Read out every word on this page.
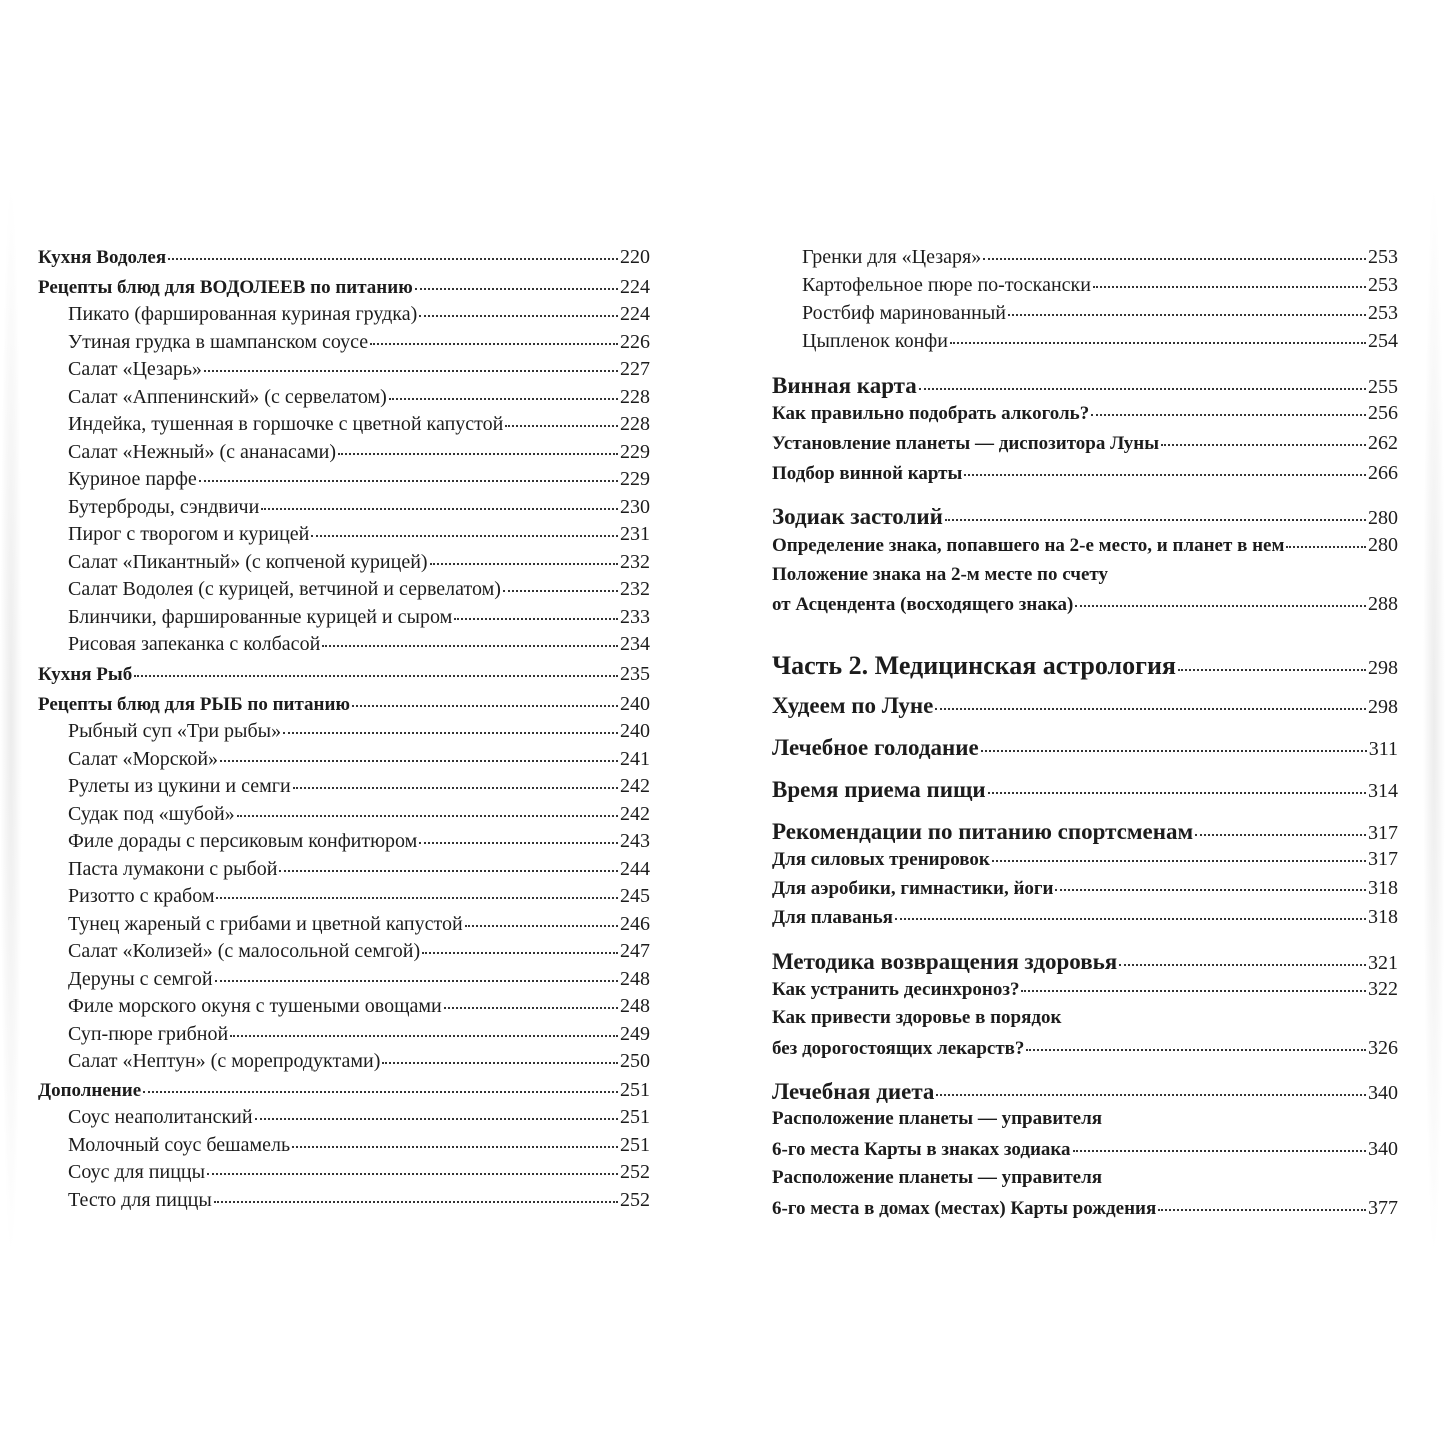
Кухня Водолея	220
Рецепты блюд для ВОДОЛЕЕВ по питанию	224
Пикато (фаршированная куриная грудка)	224
Утиная грудка в шампанском соусе	226
Салат «Цезарь»	227
Салат «Аппенинский» (с сервелатом)	228
Индейка, тушенная в горшочке с цветной капустой	228
Салат «Нежный» (с ананасами)	229
Куриное парфе	229
Бутерброды, сэндвичи	230
Пирог с творогом и курицей	231
Салат «Пикантный» (с копченой курицей)	232
Салат Водолея (с курицей, ветчиной и сервелатом)	232
Блинчики, фаршированные курицей и сыром	233
Рисовая запеканка с колбасой	234
Кухня Рыб	235
Рецепты блюд для РЫБ по питанию	240
Рыбный суп «Три рыбы»	240
Салат «Морской»	241
Рулеты из цукини и семги	242
Судак под «шубой»	242
Филе дорады с персиковым конфитюром	243
Паста лумакони с рыбой	244
Ризотто с крабом	245
Тунец жареный с грибами и цветной капустой	246
Салат «Колизей» (с малосольной семгой)	247
Деруны с семгой	248
Филе морского окуня с тушеными овощами	248
Суп-пюре грибной	249
Салат «Нептун» (с морепродуктами)	250
Дополнение	251
Соус неаполитанский	251
Молочный соус бешамель	251
Соус для пиццы	252
Тесто для пиццы	252
Гренки для «Цезаря»	253
Картофельное пюре по-тоскански	253
Ростбиф маринованный	253
Цыпленок конфи	254
Винная карта	255
Как правильно подобрать алкоголь?	256
Установление планеты — диспозитора Луны	262
Подбор винной карты	266
Зодиак застолий	280
Определение знака, попавшего на 2-е место, и планет в нем	280
Положение знака на 2-м месте по счету
от Асцендента (восходящего знака)	288
Часть 2. Медицинская астрология	298
Худеем по Луне	298
Лечебное голодание	311
Время приема пищи	314
Рекомендации по питанию спортсменам	317
Для силовых тренировок	317
Для аэробики, гимнастики, йоги	318
Для плаванья	318
Методика возвращения здоровья	321
Как устранить десинхроноз?	322
Как привести здоровье в порядок
без дорогостоящих лекарств?	326
Лечебная диета	340
Расположение планеты — управителя
6-го места Карты в знаках зодиака	340
Расположение планеты — управителя
6-го места в домах (местах) Карты рождения	377
